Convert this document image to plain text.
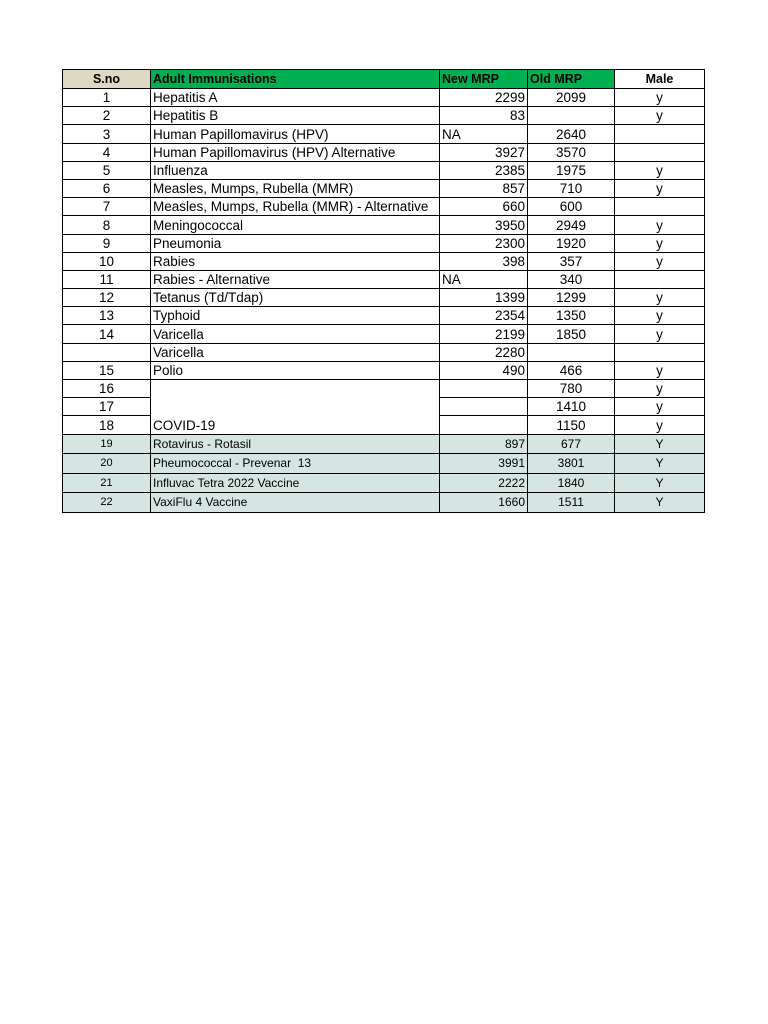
S.no	Adult Immunisations	New MRP	Old MRP	Male
1	Hepatitis A	2299	2099	y
2	Hepatitis B	83		y
3	Human Papillomavirus (HPV)	NA	2640	
4	Human Papillomavirus (HPV) Alternative	3927	3570	
5	Influenza	2385	1975	y
6	Measles, Mumps, Rubella (MMR)	857	710	y
7	Measles, Mumps, Rubella (MMR) - Alternative	660	600	
8	Meningococcal	3950	2949	y
9	Pneumonia	2300	1920	y
10	Rabies	398	357	y
11	Rabies - Alternative	NA	340	
12	Tetanus (Td/Tdap)	1399	1299	y
13	Typhoid	2354	1350	y
14	Varicella	2199	1850	y
	Varicella	2280		
15	Polio	490	466	y
16	COVID-19		780	y
17			1410	y
18			1150	y
19	Rotavirus - Rotasil	897	677	Y
20	Pheumococcal - Prevenar  13	3991	3801	Y
21	Influvac Tetra 2022 Vaccine	2222	1840	Y
22	VaxiFlu 4 Vaccine	1660	1511	Y
